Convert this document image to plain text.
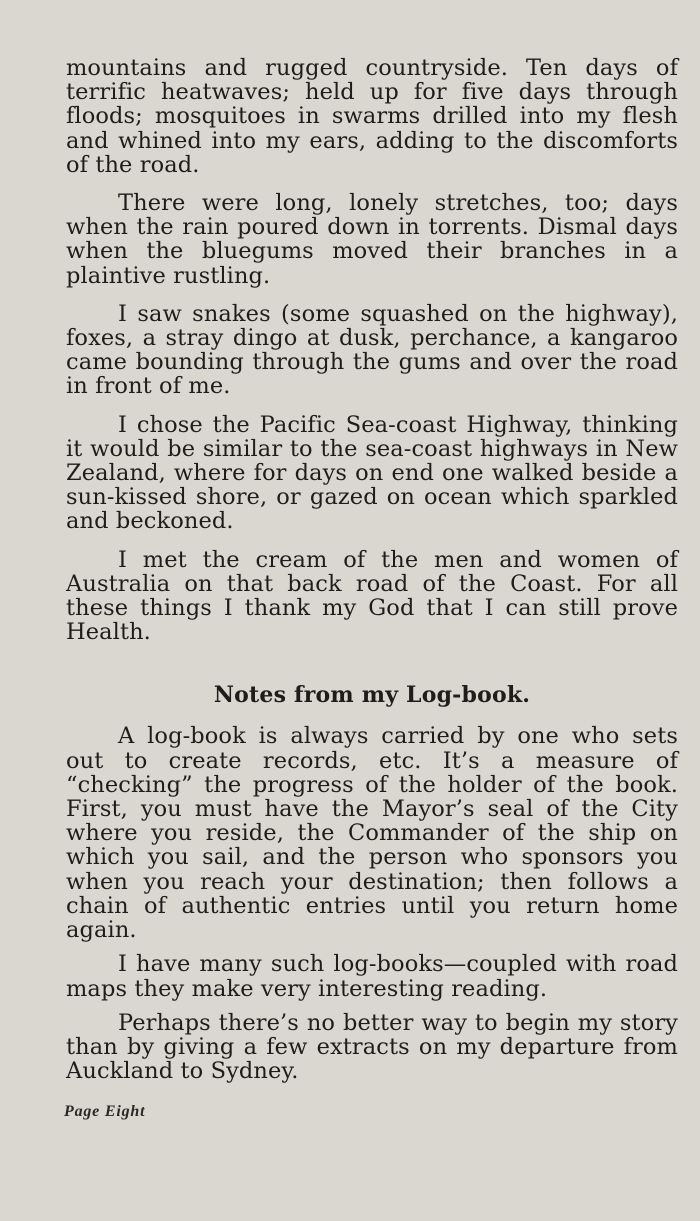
mountains and rugged countryside. Ten days of terrific heatwaves; held up for five days through floods; mosquitoes in swarms drilled into my flesh and whined into my ears, adding to the discomforts of the road.

There were long, lonely stretches, too; days when the rain poured down in torrents. Dismal days when the bluegums moved their branches in a plaintive rustling.

I saw snakes (some squashed on the highway), foxes, a stray dingo at dusk, perchance, a kangaroo came bounding through the gums and over the road in front of me.

I chose the Pacific Sea-coast Highway, thinking it would be similar to the sea-coast highways in New Zealand, where for days on end one walked beside a sun-kissed shore, or gazed on ocean which sparkled and beckoned.

I met the cream of the men and women of Australia on that back road of the Coast. For all these things I thank my God that I can still prove Health.

Notes from my Log-book.

A log-book is always carried by one who sets out to create records, etc. It’s a measure of “checking” the progress of the holder of the book. First, you must have the Mayor’s seal of the City where you reside, the Commander of the ship on which you sail, and the person who sponsors you when you reach your destination; then follows a chain of authentic entries until you return home again.

I have many such log-books—coupled with road maps they make very interesting reading.

Perhaps there’s no better way to begin my story than by giving a few extracts on my departure from Auckland to Sydney.

Page Eight
